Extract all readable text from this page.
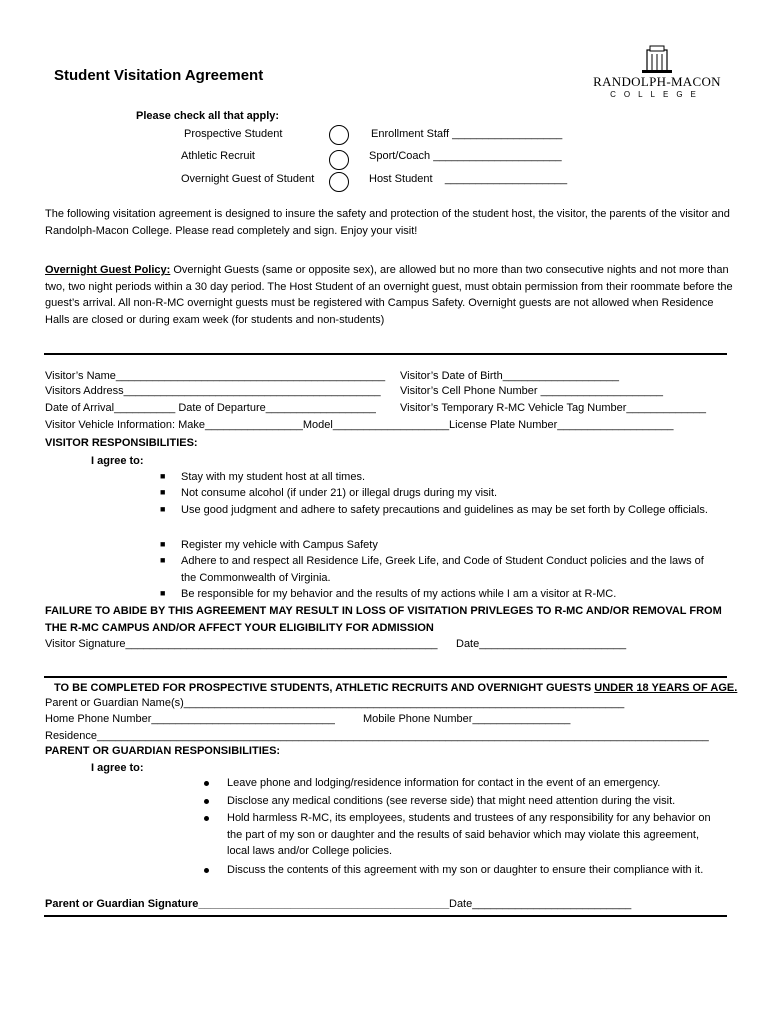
Student Visitation Agreement	RANDOLPH-MACON
COLLEGE
Please check all that apply:
Prospective Student
Athletic Recruit
Overnight Guest of Student
Enrollment Staff __________________
Sport/Coach _____________________
Host Student    ____________________
The following visitation agreement is designed to insure the safety and protection of the student host, the visitor, the parents of the visitor and Randolph-Macon College. Please read completely and sign. Enjoy your visit!
Overnight Guest Policy: Overnight Guests (same or opposite sex), are allowed but no more than two consecutive nights and not more than two, two night periods within a 30 day period. The Host Student of an overnight guest, must obtain permission from their roommate before the guest’s arrival. All non-R-MC overnight guests must be registered with Campus Safety. Overnight guests are not allowed when Residence Halls are closed or during exam week (for students and non-students)
Visitor’s Name____________________________________________ Visitor’s Date of Birth___________________
Visitors Address__________________________________________ Visitor’s Cell Phone Number ____________________
Date of Arrival__________ Date of Departure__________________ Visitor’s Temporary R-MC Vehicle Tag Number_____________
Visitor Vehicle Information: Make________________Model___________________License Plate Number___________________
VISITOR RESPONSIBILITIES:
I agree to:
■ Stay with my student host at all times.
■ Not consume alcohol (if under 21) or illegal drugs during my visit.
■ Use good judgment and adhere to safety precautions and guidelines as may be set forth by College officials.
■ Register my vehicle with Campus Safety
■ Adhere to and respect all Residence Life, Greek Life, and Code of Student Conduct policies and the laws of the Commonwealth of Virginia.
■ Be responsible for my behavior and the results of my actions while I am a visitor at R-MC.
FAILURE TO ABIDE BY THIS AGREEMENT MAY RESULT IN LOSS OF VISITATION PRIVLEGES TO R-MC AND/OR REMOVAL FROM
THE R-MC CAMPUS AND/OR AFFECT YOUR ELIGIBILITY FOR ADMISSION
Visitor Signature___________________________________________________ Date________________________
TO BE COMPLETED FOR PROSPECTIVE STUDENTS, ATHLETIC RECRUITS AND OVERNIGHT GUESTS UNDER 18 YEARS OF AGE.
Parent or Guardian Name(s)________________________________________________________________________
Home Phone Number______________________________	Mobile Phone Number________________
Residence____________________________________________________________________________________________________
PARENT OR GUARDIAN RESPONSIBILITIES:
I agree to:
Leave phone and lodging/residence information for contact in the event of an emergency.
Disclose any medical conditions (see reverse side) that might need attention during the visit.
Hold harmless R-MC, its employees, students and trustees of any responsibility for any behavior on the part of my son or daughter and the results of said behavior which may violate this agreement, local laws and/or College policies.
Discuss the contents of this agreement with my son or daughter to ensure their compliance with it.
Parent or Guardian Signature_________________________________________ Date__________________________
